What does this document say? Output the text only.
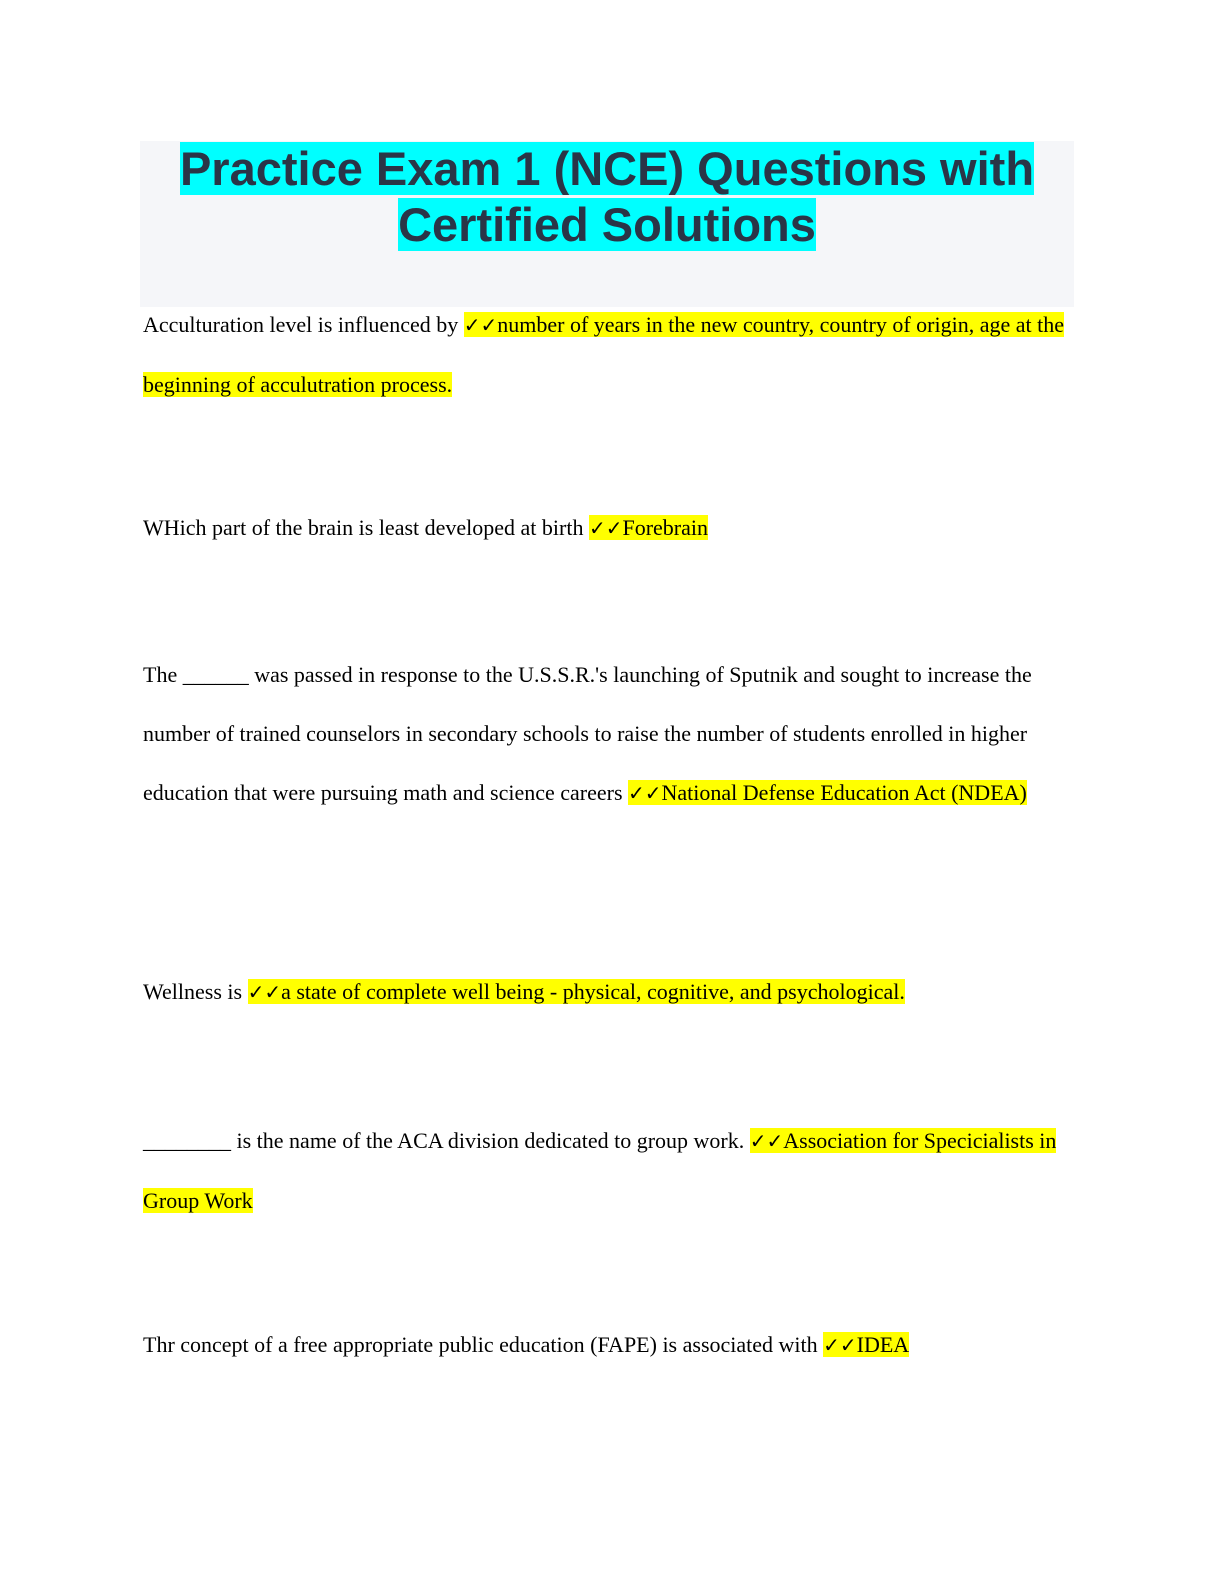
Practice Exam 1 (NCE) Questions with
Certified Solutions

Acculturation level is influenced by ✓✓number of years in the new country, country of origin, age at the beginning of acculutration process.

WHich part of the brain is least developed at birth ✓✓Forebrain

The ______ was passed in response to the U.S.S.R.'s launching of Sputnik and sought to increase the number of trained counselors in secondary schools to raise the number of students enrolled in higher education that were pursuing math and science careers ✓✓National Defense Education Act (NDEA)

Wellness is ✓✓a state of complete well being - physical, cognitive, and psychological.

________ is the name of the ACA division dedicated to group work. ✓✓Association for Specicialists in Group Work

Thr concept of a free appropriate public education (FAPE) is associated with ✓✓IDEA
